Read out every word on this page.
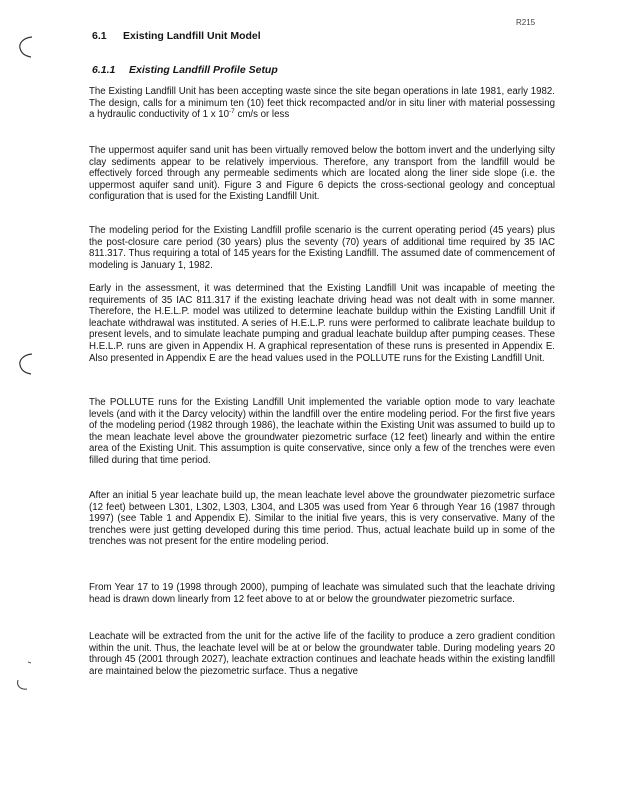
R215
6.1 Existing Landfill Unit Model
6.1.1 Existing Landfill Profile Setup

The Existing Landfill Unit has been accepting waste since the site began operations in late 1981, early 1982. The design, calls for a minimum ten (10) feet thick recompacted and/or in situ liner with material possessing a hydraulic conductivity of 1 x $10^{-7}$ cm/s or less

The uppermost aquifer sand unit has been virtually removed below the bottom invert and the underlying silty clay sediments appear to be relatively impervious. Therefore, any transport from the landfill would be effectively forced through any permeable sediments which are located along the liner side slope (i.e. the uppermost aquifer sand unit). Figure 3 and Figure 6 depicts the cross-sectional geology and conceptual configuration that is used for the Existing Landfill Unit.

The modeling period for the Existing Landfill profile scenario is the current operating period (45 years) plus the post-closure care period (30 years) plus the seventy (70) years of additional time required by 35 IAC 811.317. Thus requiring a total of 145 years for the Existing Landfill. The assumed date of commencement of modeling is January 1, 1982.

Early in the assessment, it was determined that the Existing Landfill Unit was incapable of meeting the requirements of 35 IAC 811.317 if the existing leachate driving head was not dealt with in some manner. Therefore, the H.E.L.P. model was utilized to determine leachate buildup within the Existing Landfill Unit if leachate withdrawal was instituted. A series of H.E.L.P. runs were performed to calibrate leachate buildup to present levels, and to simulate leachate pumping and gradual leachate buildup after pumping ceases. These H.E.L.P. runs are given in Appendix H. A graphical representation of these runs is presented in Appendix E. Also presented in Appendix E are the head values used in the POLLUTE runs for the Existing Landfill Unit.

The POLLUTE runs for the Existing Landfill Unit implemented the variable option mode to vary leachate levels (and with it the Darcy velocity) within the landfill over the entire modeling period. For the first five years of the modeling period (1982 through 1986), the leachate within the Existing Unit was assumed to build up to the mean leachate level above the groundwater piezometric surface (12 feet) linearly and within the entire area of the Existing Unit. This assumption is quite conservative, since only a few of the trenches were even filled during that time period.

After an initial 5 year leachate build up, the mean leachate level above the groundwater piezometric surface (12 feet) between L301, L302, L303, L304, and L305 was used from Year 6 through Year 16 (1987 through 1997) (see Table 1 and Appendix E). Similar to the initial five years, this is very conservative. Many of the trenches were just getting developed during this time period. Thus, actual leachate build up in some of the trenches was not present for the entire modeling period.

From Year 17 to 19 (1998 through 2000), pumping of leachate was simulated such that the leachate driving head is drawn down linearly from 12 feet above to at or below the groundwater piezometric surface.

Leachate will be extracted from the unit for the active life of the facility to produce a zero gradient condition within the unit. Thus, the leachate level will be at or below the groundwater table. During modeling years 20 through 45 (2001 through 2027), leachate extraction continues and leachate heads within the existing landfill are maintained below the piezometric surface. Thus a negative
